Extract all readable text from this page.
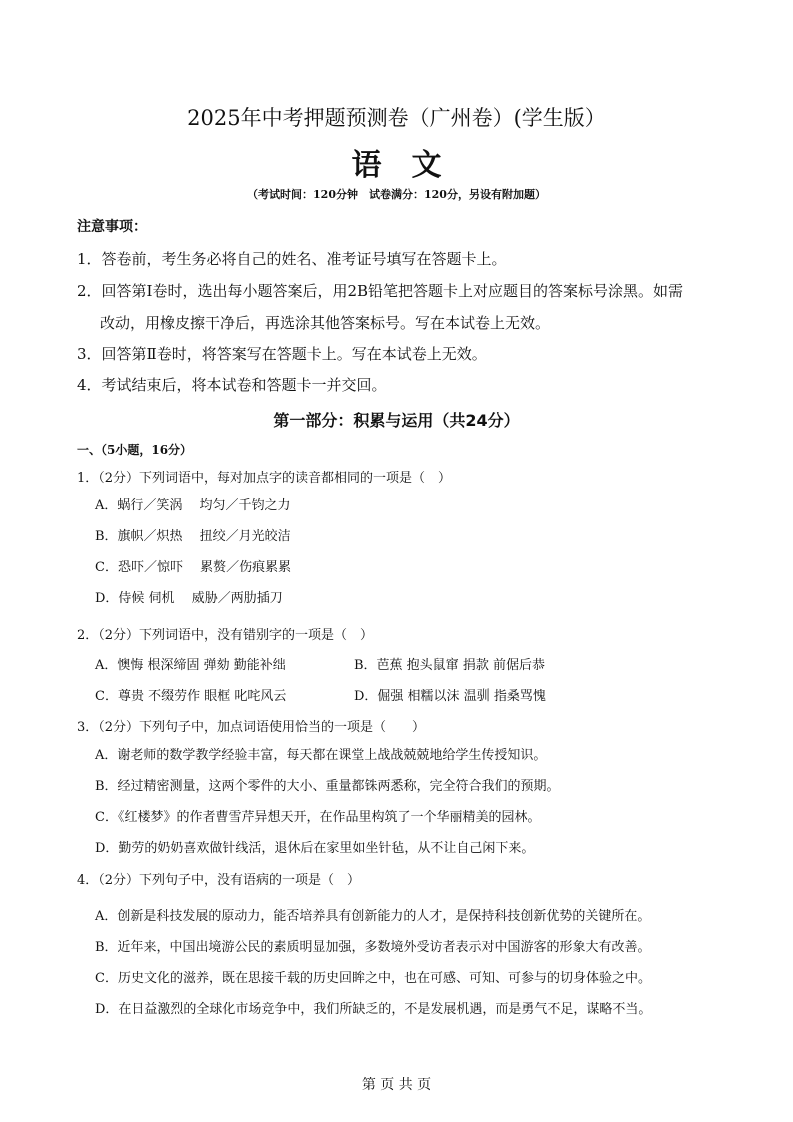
2025年中考押题预测卷（广州卷）(学生版）
语文
（考试时间：120分钟　试卷满分：120分，另设有附加题）
注意事项：
1．答卷前，考生务必将自己的姓名、准考证号填写在答题卡上。
2．回答第Ⅰ卷时，选出每小题答案后，用2B铅笔把答题卡上对应题目的答案标号涂黑。如需
改动，用橡皮擦干净后，再选涂其他答案标号。写在本试卷上无效。
3．回答第Ⅱ卷时，将答案写在答题卡上。写在本试卷上无效。
4．考试结束后，将本试卷和答题卡一并交回。
第一部分：积累与运用（共24分）
一、（5小题，16分）
1．（2分）下列词语中，每对加点字的读音都相同的一项是（　）
A．蜗行／笑涡　 均匀／千钧之力
B．旗帜／炽热　 扭绞／月光皎洁
C．恐吓／惊吓　 累赘／伤痕累累
D．侍候 伺机　 威胁／两肋插刀
2．（2分）下列词语中，没有错别字的一项是（　）
A．懊悔 根深缔固 弹劾 勤能补绌	B．芭蕉 抱头鼠窜 捐款 前倨后恭
C．尊贵 不缀劳作 眼框 叱咤风云	D．倔强 相糯以沫 温驯 指桑骂愧
3．（2分）下列句子中，加点词语使用恰当的一项是（　　）
A．谢老师的数学教学经验丰富，每天都在课堂上战战兢兢地给学生传授知识。
B．经过精密测量，这两个零件的大小、重量都铢两悉称，完全符合我们的预期。
C．《红楼梦》的作者曹雪芹异想天开，在作品里构筑了一个华丽精美的园林。
D．勤劳的奶奶喜欢做针线活，退休后在家里如坐针毡，从不让自己闲下来。
4．（2分）下列句子中，没有语病的一项是（　）
A．创新是科技发展的原动力，能否培养具有创新能力的人才，是保持科技创新优势的关键所在。
B．近年来，中国出境游公民的素质明显加强，多数境外受访者表示对中国游客的形象大有改善。
C．历史文化的滋养，既在思接千载的历史回眸之中，也在可感、可知、可参与的切身体验之中。
D．在日益激烈的全球化市场竞争中，我们所缺乏的，不是发展机遇，而是勇气不足，谋略不当。
第 页 共 页
